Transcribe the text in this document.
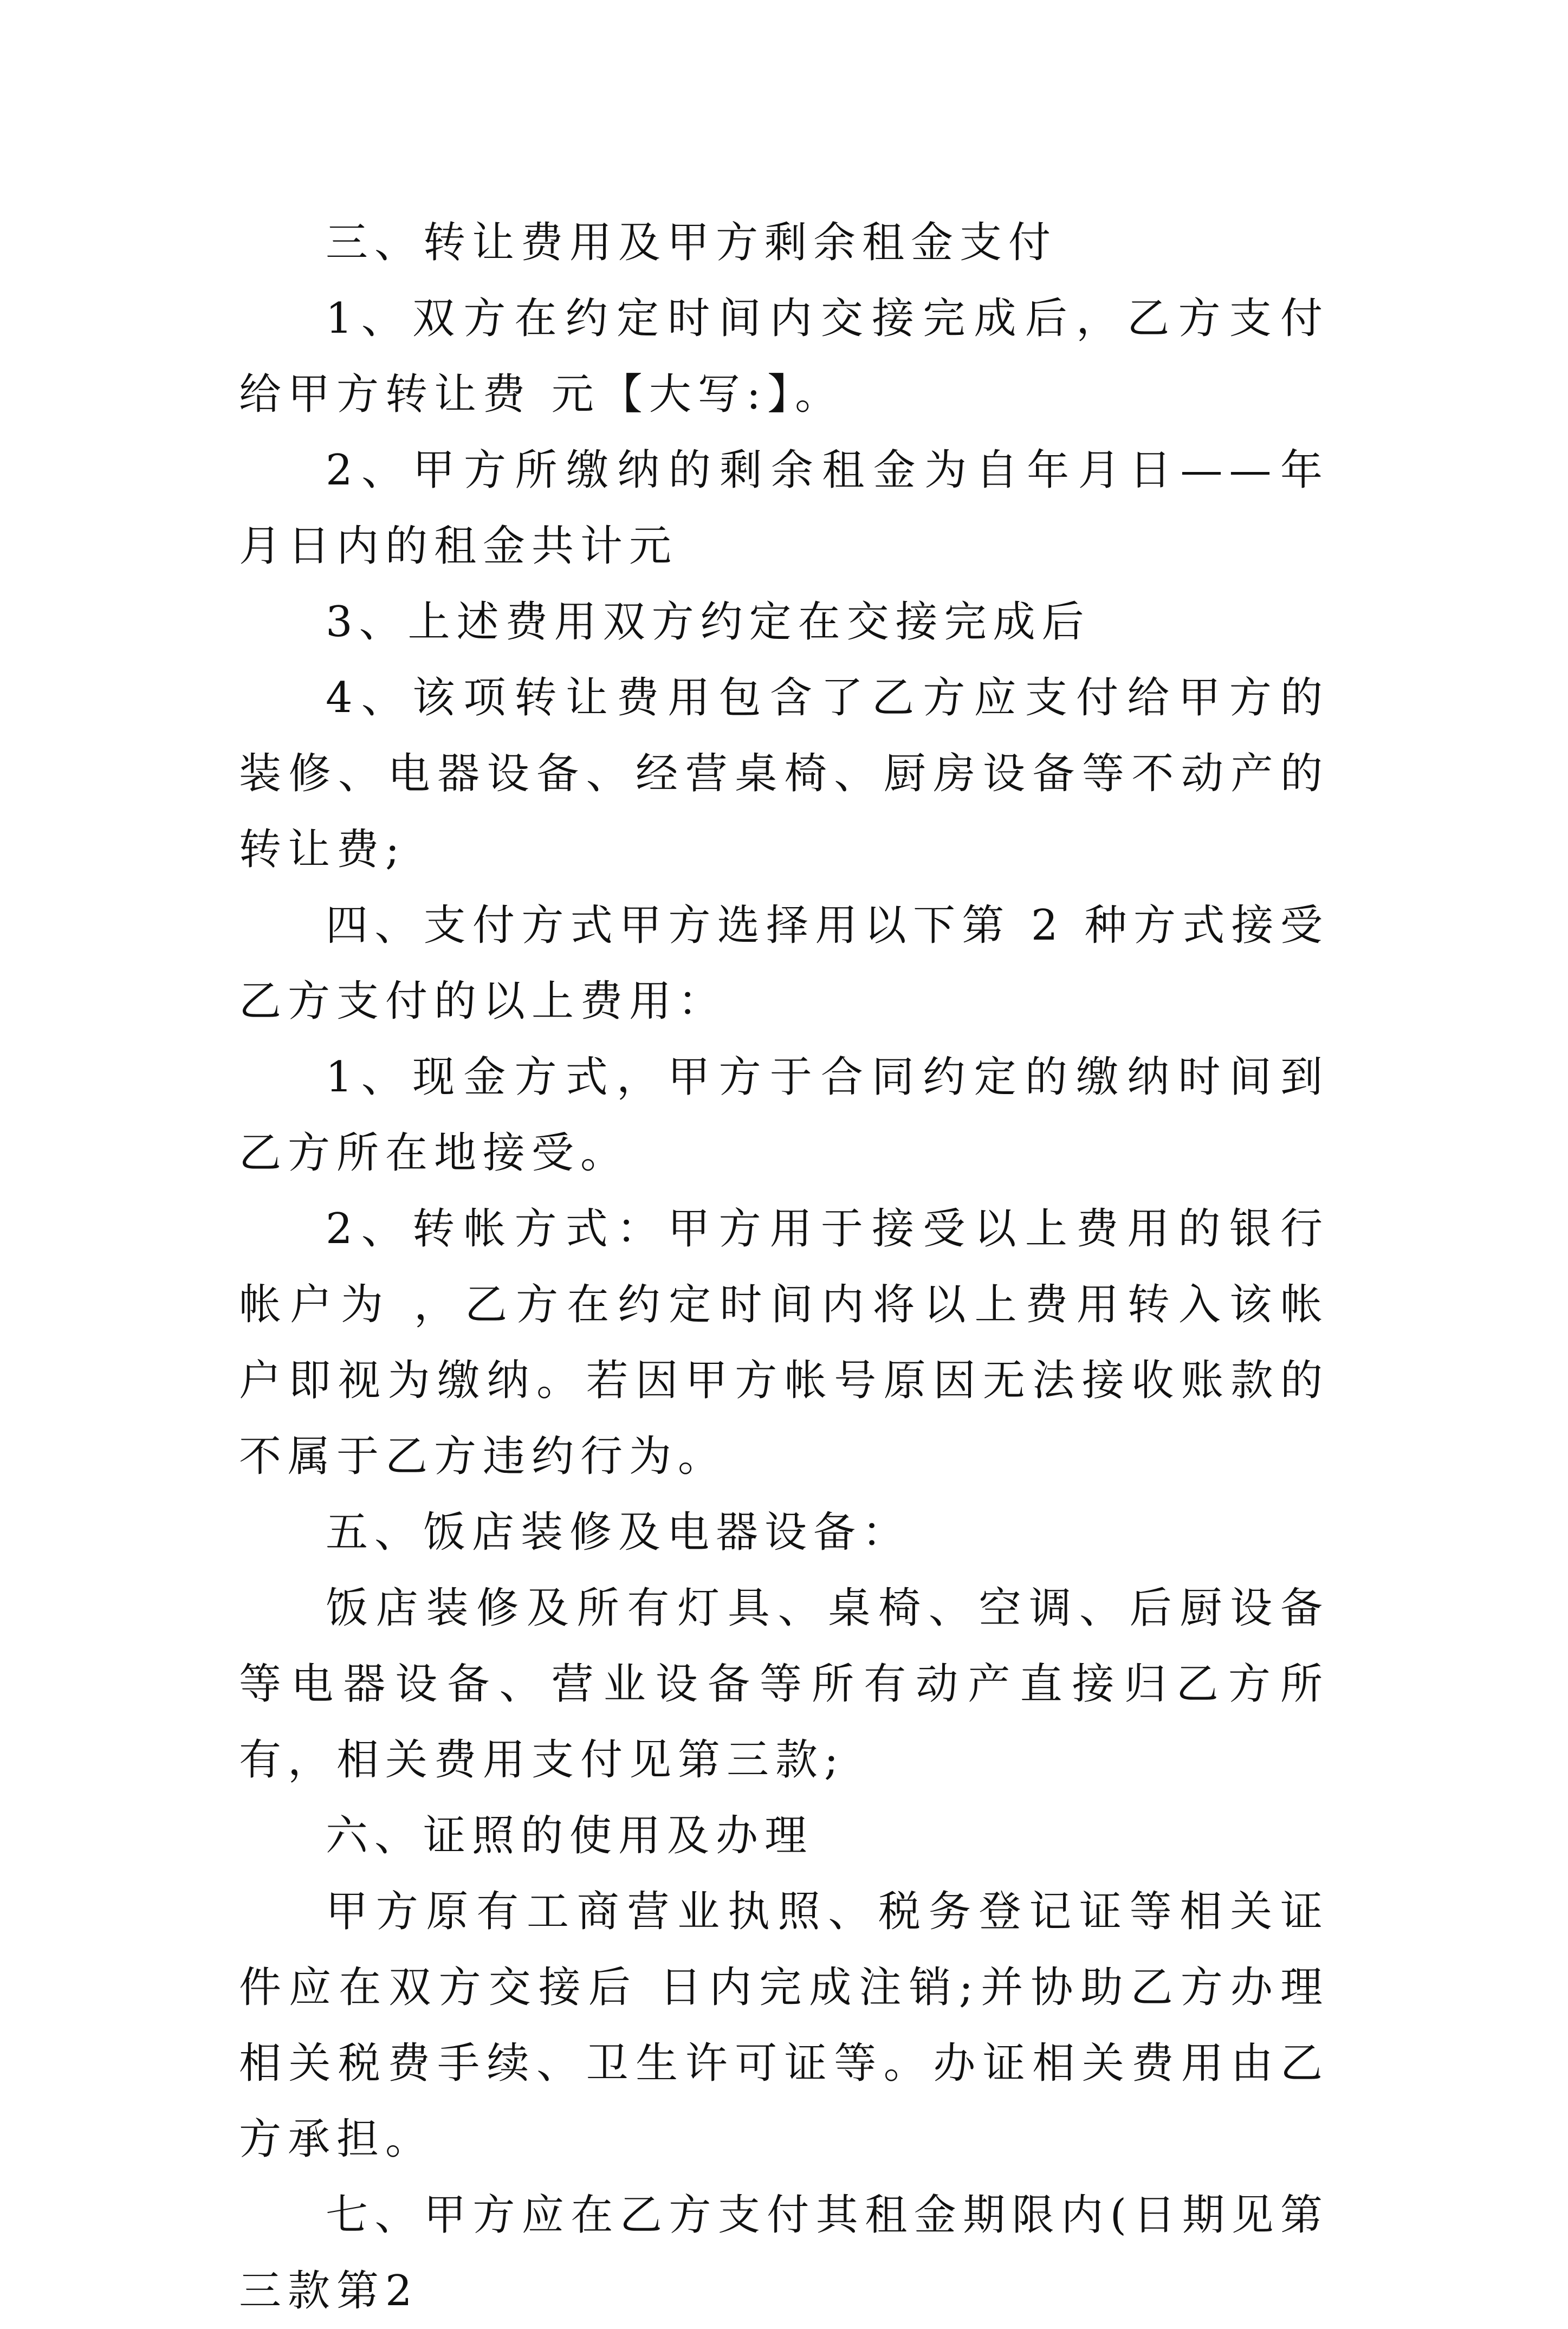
三、转让费用及甲方剩余租金支付

1、双方在约定时间内交接完成后，乙方支付给甲方转让费 元【大写:】。

2、甲方所缴纳的剩余租金为自年月日——年月日内的租金共计元

3、上述费用双方约定在交接完成后

4、该项转让费用包含了乙方应支付给甲方的装修、电器设备、经营桌椅、厨房设备等不动产的转让费;

四、支付方式甲方选择用以下第 2 种方式接受乙方支付的以上费用：

1、现金方式，甲方于合同约定的缴纳时间到乙方所在地接受。

2、转帐方式：甲方用于接受以上费用的银行帐户为 ，乙方在约定时间内将以上费用转入该帐户即视为缴纳。若因甲方帐号原因无法接收账款的不属于乙方违约行为。

五、饭店装修及电器设备：

饭店装修及所有灯具、桌椅、空调、后厨设备等电器设备、营业设备等所有动产直接归乙方所有，相关费用支付见第三款;

六、证照的使用及办理

甲方原有工商营业执照、税务登记证等相关证件应在双方交接后 日内完成注销;并协助乙方办理相关税费手续、卫生许可证等。办证相关费用由乙方承担。

七、甲方应在乙方支付其租金期限内(日期见第三款第2
